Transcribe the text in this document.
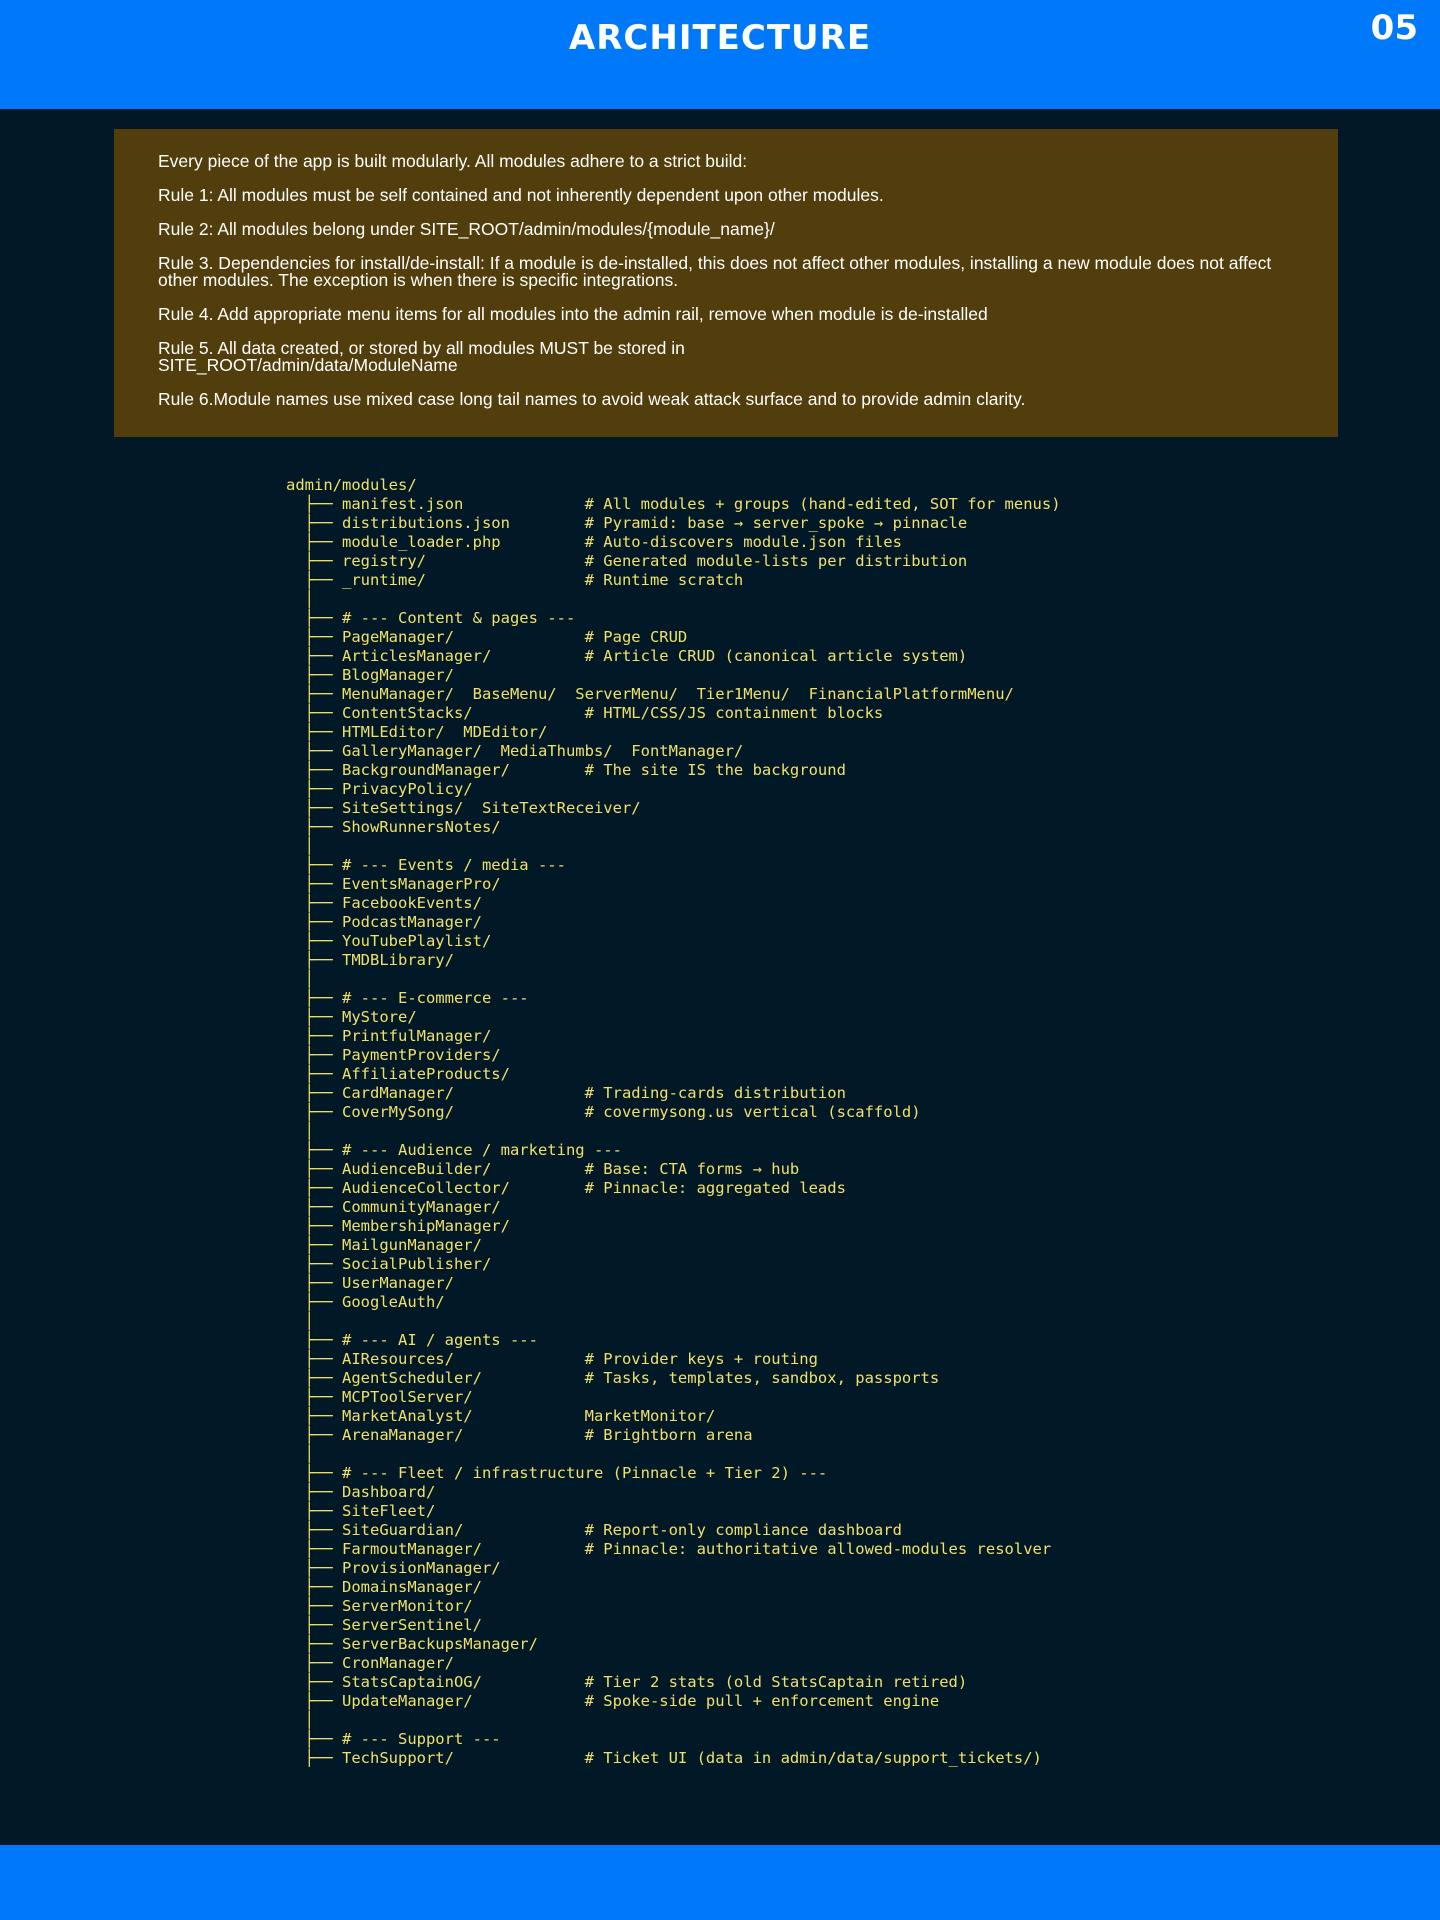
ARCHITECTURE	05

Every piece of the app is built modularly. All modules adhere to a strict build:

Rule 1: All modules must be self contained and not inherently dependent upon other modules.

Rule 2: All modules belong under SITE_ROOT/admin/modules/{module_name}/

Rule 3. Dependencies for install/de-install: If a module is de-installed, this does not affect other modules, installing a new module does not affect other modules. The exception is when there is specific integrations.

Rule 4. Add appropriate menu items for all modules into the admin rail, remove when module is de-installed

Rule 5. All data created, or stored by all modules MUST be stored in
SITE_ROOT/admin/data/ModuleName

Rule 6.Module names use mixed case long tail names to avoid weak attack surface and to provide admin clarity.

admin/modules/
├── manifest.json             # All modules + groups (hand-edited, SOT for menus)
├── distributions.json        # Pyramid: base → server_spoke → pinnacle
├── module_loader.php         # Auto-discovers module.json files
├── registry/                 # Generated module-lists per distribution
├── _runtime/                 # Runtime scratch
│
├── # --- Content & pages ---
├── PageManager/              # Page CRUD
├── ArticlesManager/          # Article CRUD (canonical article system)
├── BlogManager/
├── MenuManager/  BaseMenu/  ServerMenu/  Tier1Menu/  FinancialPlatformMenu/
├── ContentStacks/            # HTML/CSS/JS containment blocks
├── HTMLEditor/  MDEditor/
├── GalleryManager/  MediaThumbs/  FontManager/
├── BackgroundManager/        # The site IS the background
├── PrivacyPolicy/
├── SiteSettings/  SiteTextReceiver/
├── ShowRunnersNotes/
│
├── # --- Events / media ---
├── EventsManagerPro/
├── FacebookEvents/
├── PodcastManager/
├── YouTubePlaylist/
├── TMDBLibrary/
│
├── # --- E-commerce ---
├── MyStore/
├── PrintfulManager/
├── PaymentProviders/
├── AffiliateProducts/
├── CardManager/              # Trading-cards distribution
├── CoverMySong/              # covermysong.us vertical (scaffold)
│
├── # --- Audience / marketing ---
├── AudienceBuilder/          # Base: CTA forms → hub
├── AudienceCollector/        # Pinnacle: aggregated leads
├── CommunityManager/
├── MembershipManager/
├── MailgunManager/
├── SocialPublisher/
├── UserManager/
├── GoogleAuth/
│
├── # --- AI / agents ---
├── AIResources/              # Provider keys + routing
├── AgentScheduler/           # Tasks, templates, sandbox, passports
├── MCPToolServer/
├── MarketAnalyst/            MarketMonitor/
├── ArenaManager/             # Brightborn arena
│
├── # --- Fleet / infrastructure (Pinnacle + Tier 2) ---
├── Dashboard/
├── SiteFleet/
├── SiteGuardian/             # Report-only compliance dashboard
├── FarmoutManager/           # Pinnacle: authoritative allowed-modules resolver
├── ProvisionManager/
├── DomainsManager/
├── ServerMonitor/
├── ServerSentinel/
├── ServerBackupsManager/
├── CronManager/
├── StatsCaptainOG/           # Tier 2 stats (old StatsCaptain retired)
├── UpdateManager/            # Spoke-side pull + enforcement engine
│
├── # --- Support ---
├── TechSupport/              # Ticket UI (data in admin/data/support_tickets/)
